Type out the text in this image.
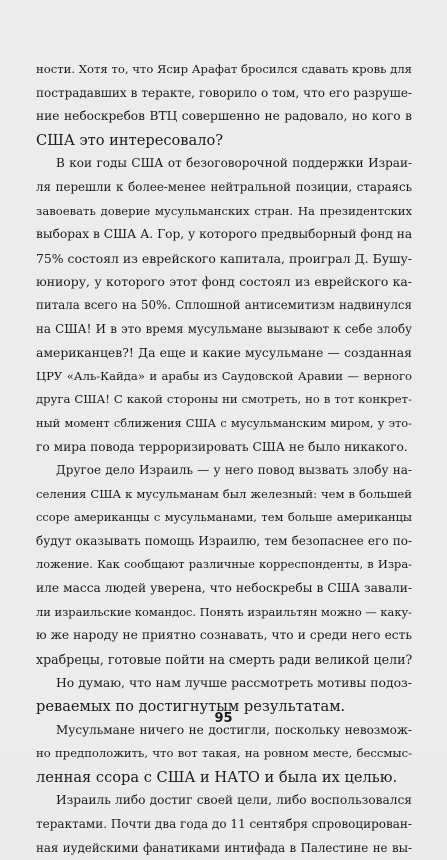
ности. Хотя то, что Ясир Арафат бросился сдавать кровь для
пострадавших в теракте, говорило о том, что его разруше-
ние небоскребов ВТЦ совершенно не радовало, но кого в
США это интересовало?
В кои годы США от безоговорочной поддержки Израи-
ля перешли к более-менее нейтральной позиции, стараясь
завоевать доверие мусульманских стран. На президентских
выборах в США А. Гор, у которого предвыборный фонд на
75% состоял из еврейского капитала, проиграл Д. Бушу-
юниору, у которого этот фонд состоял из еврейского ка-
питала всего на 50%. Сплошной антисемитизм надвинулся
на США! И в это время мусульмане вызывают к себе злобу
американцев?! Да еще и какие мусульмане — созданная
ЦРУ «Аль-Кайда» и арабы из Саудовской Аравии — верного
друга США! С какой стороны ни смотреть, но в тот конкрет-
ный момент сближения США с мусульманским миром, у это-
го мира повода терроризировать США не было никакого.
Другое дело Израиль — у него повод вызвать злобу на-
селения США к мусульманам был железный: чем в большей
ссоре американцы с мусульманами, тем больше американцы
будут оказывать помощь Израилю, тем безопаснее его по-
ложение. Как сообщают различные корреспонденты, в Изра-
иле масса людей уверена, что небоскребы в США завали-
ли израильские командос. Понять израильтян можно — каку-
ю же народу не приятно сознавать, что и среди него есть
храбрецы, готовые пойти на смерть ради великой цели?
Но думаю, что нам лучше рассмотреть мотивы подоз-
реваемых по достигнутым результатам.
Мусульмане ничего не достигли, поскольку невозмож-
но предположить, что вот такая, на ровном месте, бессмыс-
ленная ссора с США и НАТО и была их целью.
Израиль либо достиг своей цели, либо воспользовался
терактами. Почти два года до 11 сентября спровоцирован-
ная иудейскими фанатиками интифада в Палестине не вы-
95
